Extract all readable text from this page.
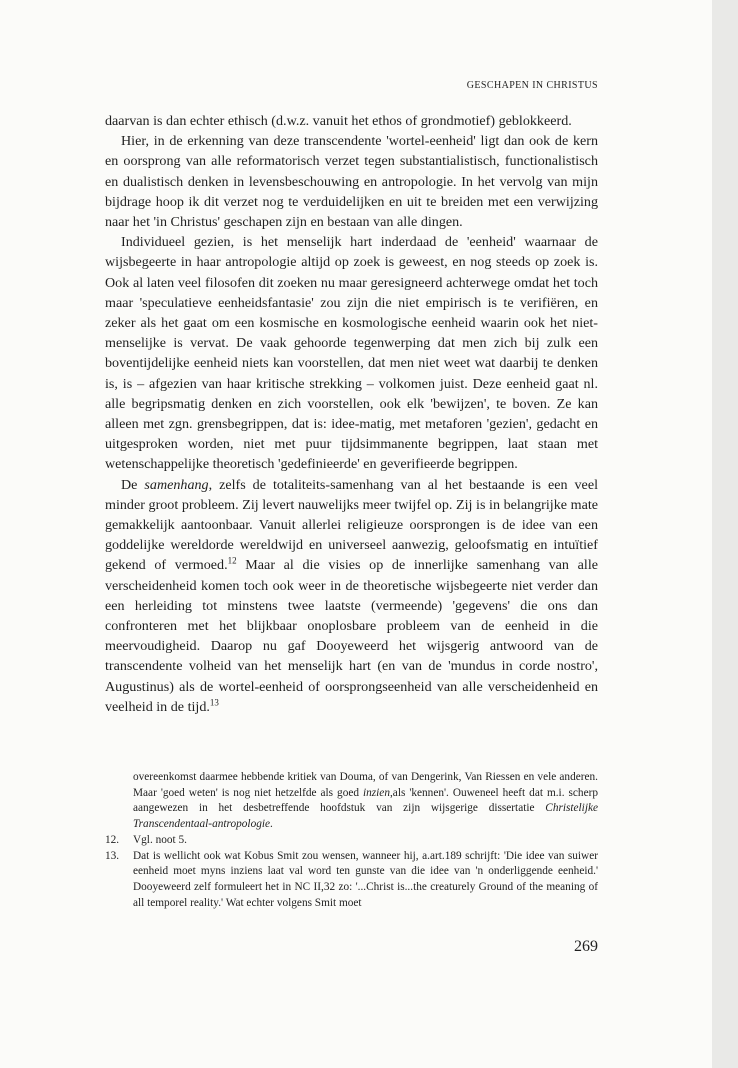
GESCHAPEN IN CHRISTUS

daarvan is dan echter ethisch (d.w.z. vanuit het ethos of grondmotief) geblokkeerd.

Hier, in de erkenning van deze transcendente 'wortel-eenheid' ligt dan ook de kern en oorsprong van alle reformatorisch verzet tegen substantialistisch, functionalistisch en dualistisch denken in levensbeschouwing en antropologie. In het vervolg van mijn bijdrage hoop ik dit verzet nog te verduidelijken en uit te breiden met een verwijzing naar het 'in Christus' geschapen zijn en bestaan van alle dingen.

Individueel gezien, is het menselijk hart inderdaad de 'eenheid' waarnaar de wijsbegeerte in haar antropologie altijd op zoek is geweest, en nog steeds op zoek is. Ook al laten veel filosofen dit zoeken nu maar geresigneerd achterwege omdat het toch maar 'speculatieve eenheidsfantasie' zou zijn die niet empirisch is te verifiëren, en zeker als het gaat om een kosmische en kosmologische eenheid waarin ook het niet-menselijke is vervat. De vaak gehoorde tegenwerping dat men zich bij zulk een boventijdelijke eenheid niets kan voorstellen, dat men niet weet wat daarbij te denken is, is – afgezien van haar kritische strekking – volkomen juist. Deze eenheid gaat nl. alle begripsmatig denken en zich voorstellen, ook elk 'bewijzen', te boven. Ze kan alleen met zgn. grensbegrippen, dat is: idee-matig, met metaforen 'gezien', gedacht en uitgesproken worden, niet met puur tijdsimmanente begrippen, laat staan met wetenschappelijke theoretisch 'gedefinieerde' en geverifieerde begrippen.

De samenhang, zelfs de totaliteits-samenhang van al het bestaande is een veel minder groot probleem. Zij levert nauwelijks meer twijfel op. Zij is in belangrijke mate gemakkelijk aantoonbaar. Vanuit allerlei religieuze oorsprongen is de idee van een goddelijke wereldorde wereldwijd en universeel aanwezig, geloofsmatig en intuïtief gekend of vermoed.$^{12}$ Maar al die visies op de innerlijke samenhang van alle verscheidenheid komen toch ook weer in de theoretische wijsbegeerte niet verder dan een herleiding tot minstens twee laatste (vermeende) 'gegevens' die ons dan confronteren met het blijkbaar onoplosbare probleem van de eenheid in die meervoudigheid. Daarop nu gaf Dooyeweerd het wijsgerig antwoord van de transcendente volheid van het menselijk hart (en van de 'mundus in corde nostro', Augustinus) als de wortel-eenheid of oorsprongseenheid van alle verscheidenheid en veelheid in de tijd.$^{13}$

overeenkomst daarmee hebbende kritiek van Douma, of van Dengerink, Van Riessen en vele anderen. Maar 'goed weten' is nog niet hetzelfde als goed inzien,als 'kennen'. Ouweneel heeft dat m.i. scherp aangewezen in het desbetreffende hoofdstuk van zijn wijsgerige dissertatie Christelijke Transcendentaal-antropologie.
12. Vgl. noot 5.
13. Dat is wellicht ook wat Kobus Smit zou wensen, wanneer hij, a.art.189 schrijft: 'Die idee van suiwer eenheid moet myns inziens laat val word ten gunste van die idee van 'n onderliggende eenheid.' Dooyeweerd zelf formuleert het in NC II,32 zo: '...Christ is...the creaturely Ground of the meaning of all temporel reality.' Wat echter volgens Smit moet
269
